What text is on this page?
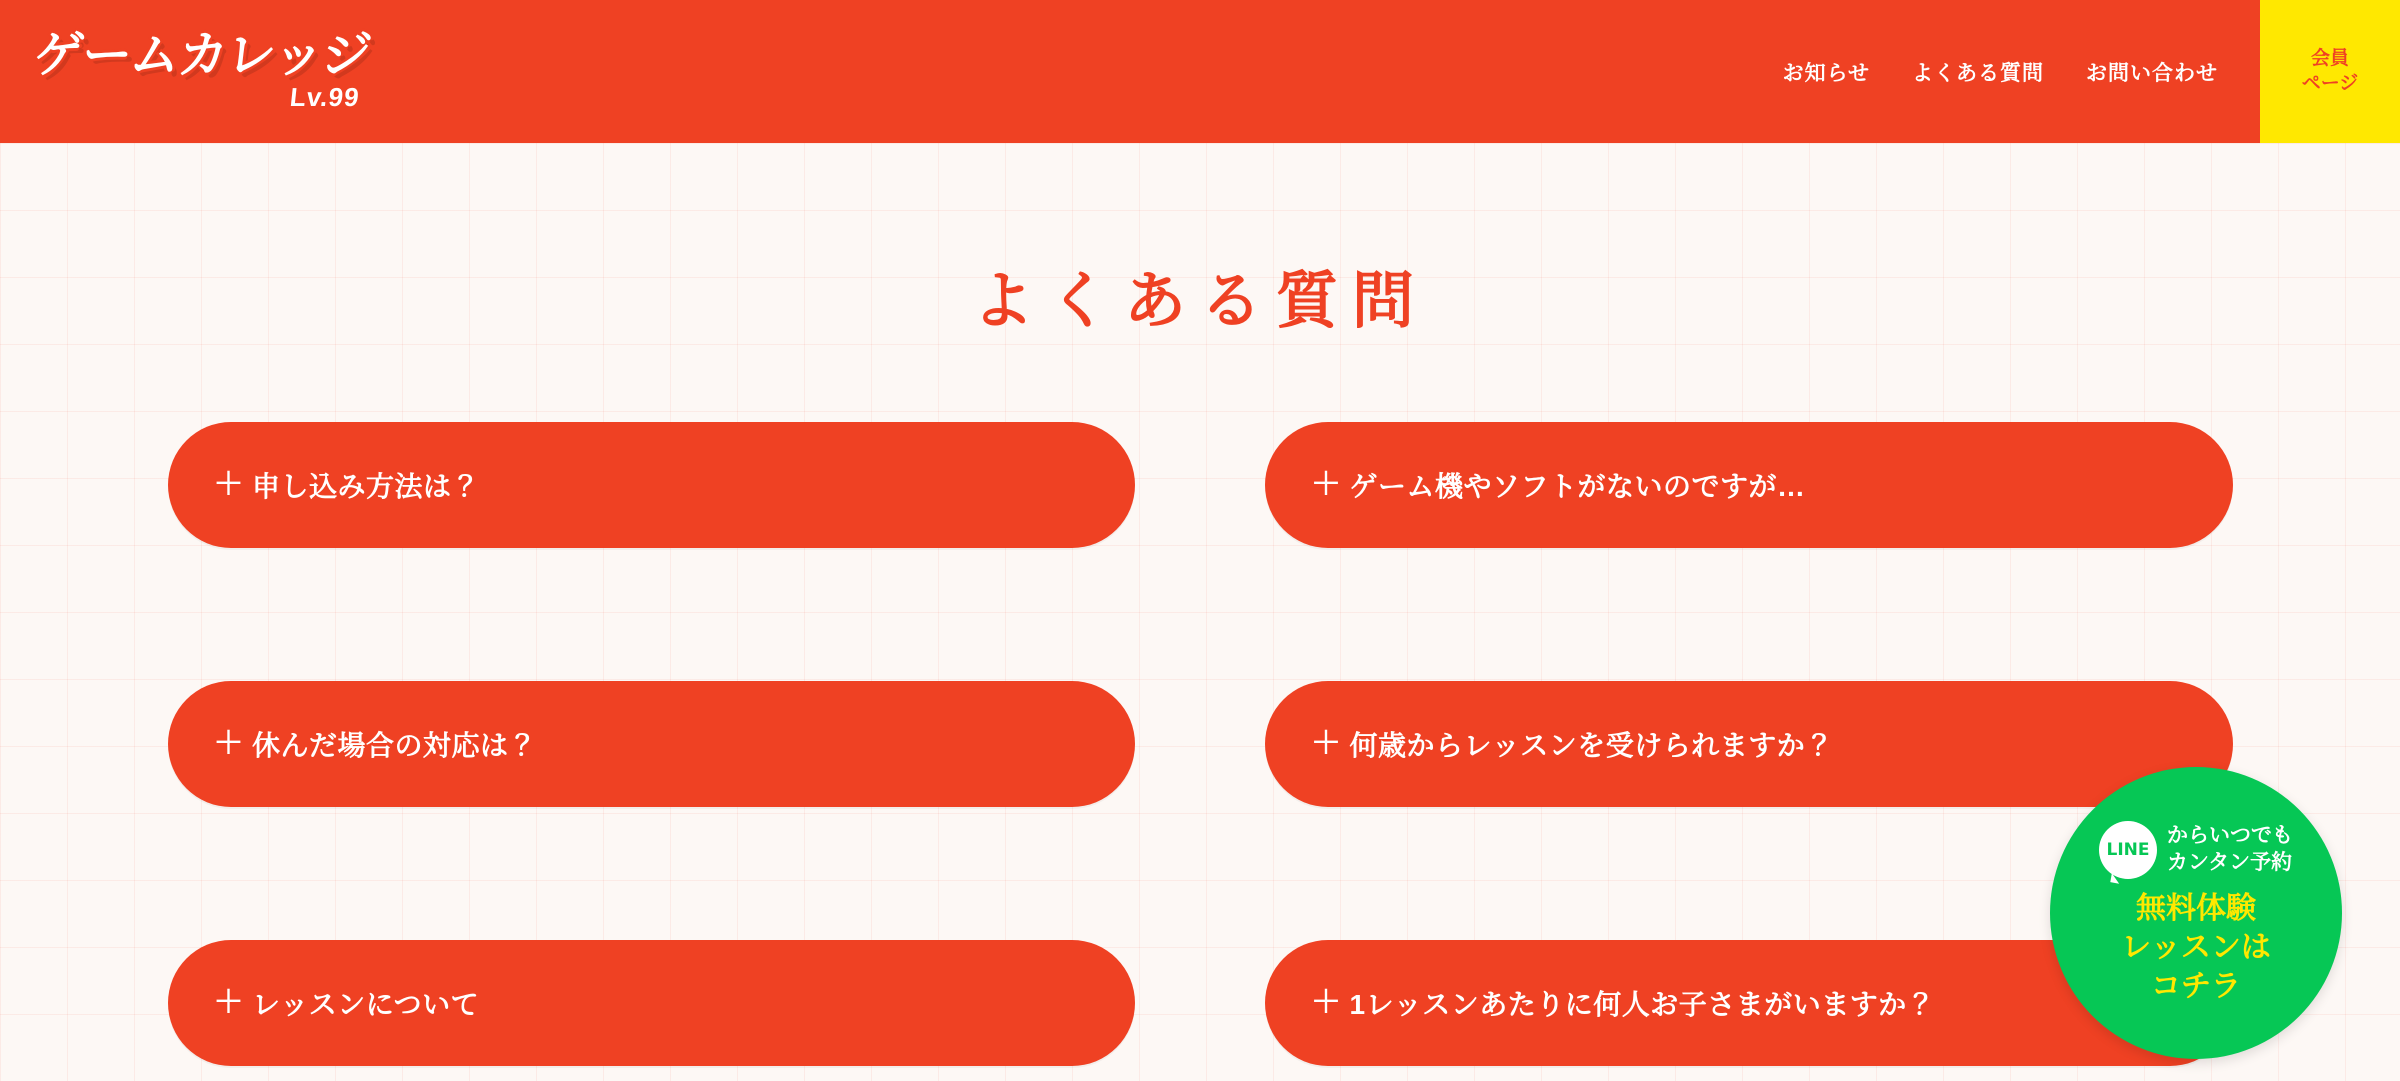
ゲームカレッジ
Lv.99
お知らせ よくある質問 お問い合わせ
会員
ページ
よくある質問
＋ 申し込み方法は？	＋ ゲーム機やソフトがないのですが…
＋ 休んだ場合の対応は？	＋ 何歳からレッスンを受けられますか？
＋ レッスンについて	＋ 1レッスンあたりに何人お子さまがいますか？
LINE
からいつでも
カンタン予約
無料体験
レッスンは
コチラ
